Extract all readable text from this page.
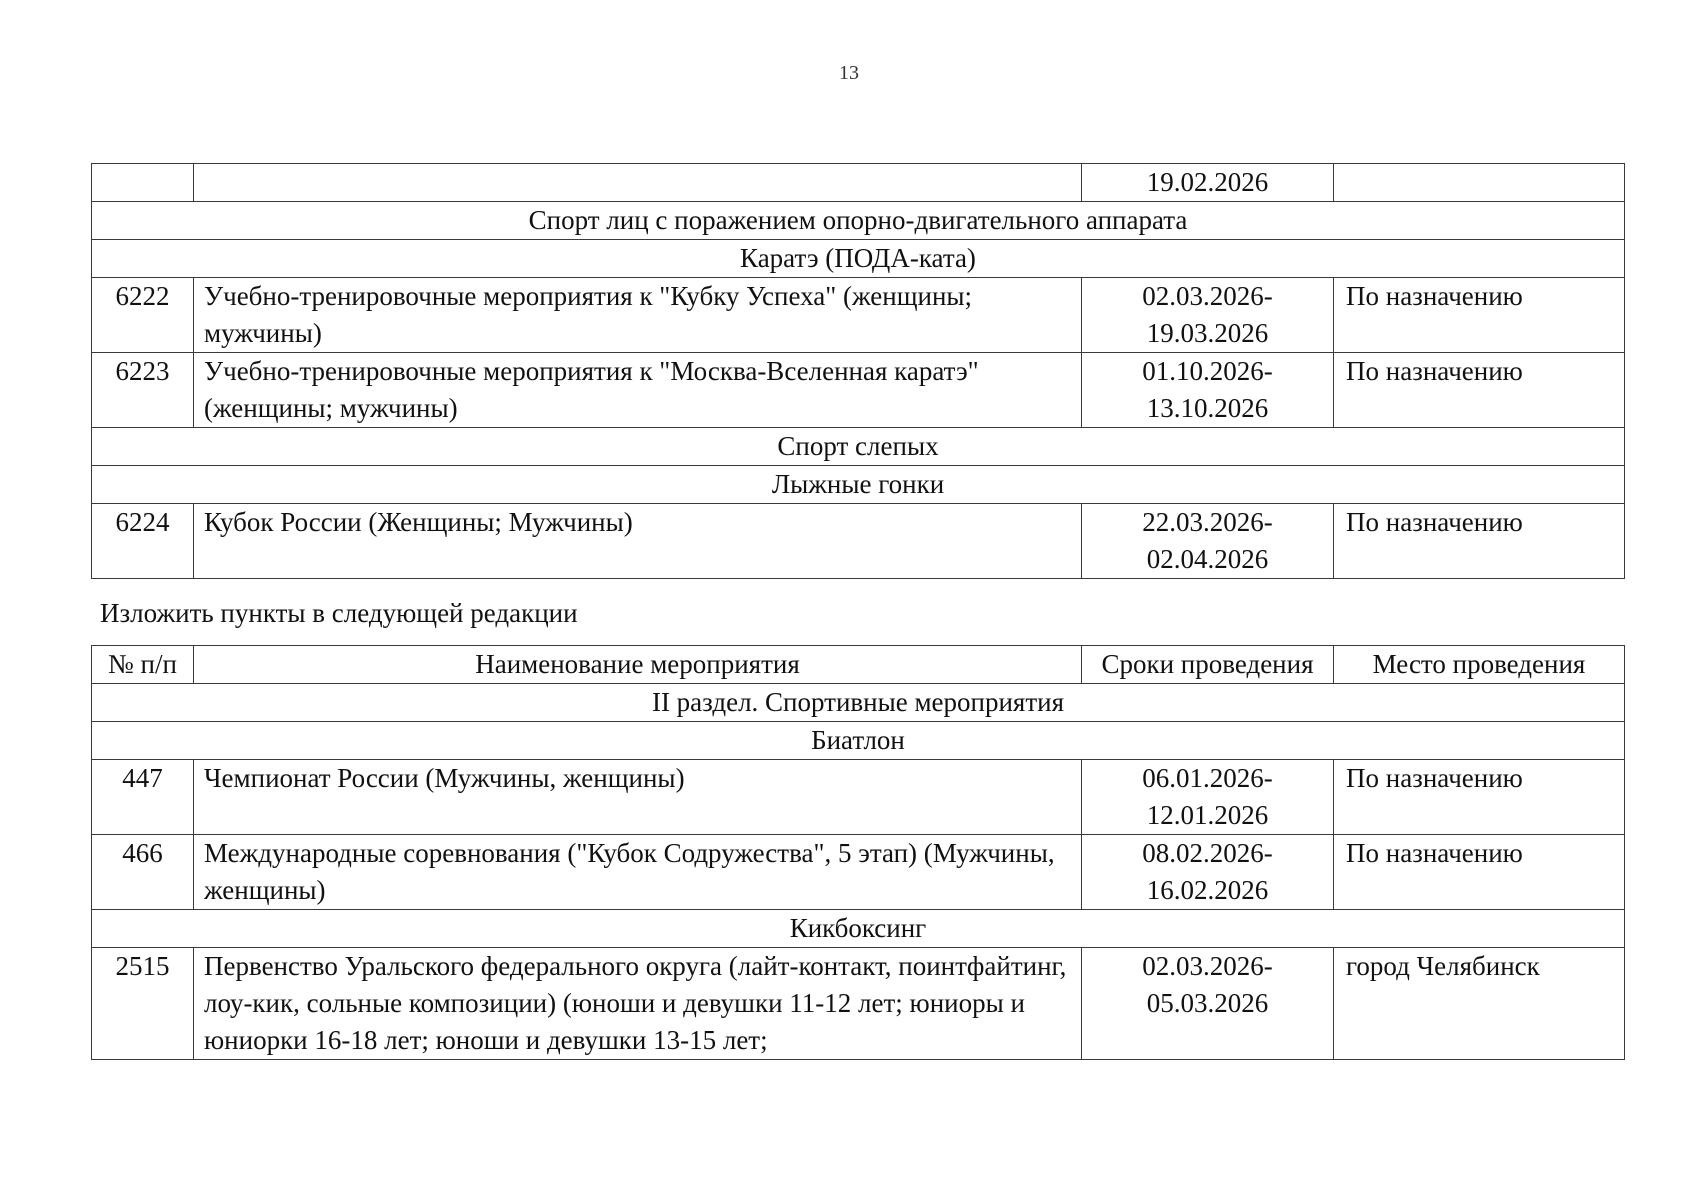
13
		19.02.2026	
Спорт лиц с поражением опорно-двигательного аппарата			
Каратэ (ПОДА-ката)			
6222	Учебно-тренировочные мероприятия к "Кубку Успеха" (женщины; мужчины)	02.03.2026- 19.03.2026	По назначению
6223	Учебно-тренировочные мероприятия к "Москва-Вселенная каратэ" (женщины; мужчины)	01.10.2026- 13.10.2026	По назначению
Спорт слепых			
Лыжные гонки			
6224	Кубок России (Женщины; Мужчины)	22.03.2026- 02.04.2026	По назначению
Изложить пункты в следующей редакции
№ п/п	Наименование мероприятия	Сроки проведения	Место проведения
II раздел. Спортивные мероприятия			
Биатлон			
447	Чемпионат России (Мужчины, женщины)	06.01.2026- 12.01.2026	По назначению
466	Международные соревнования ("Кубок Содружества", 5 этап) (Мужчины, женщины)	08.02.2026- 16.02.2026	По назначению
Кикбоксинг			
2515	Первенство Уральского федерального округа (лайт-контакт, поинтфайтинг, лоу-кик, сольные композиции) (юноши и девушки 11-12 лет; юниоры и юниорки 16-18 лет; юноши и девушки 13-15 лет;	02.03.2026- 05.03.2026	город Челябинск
